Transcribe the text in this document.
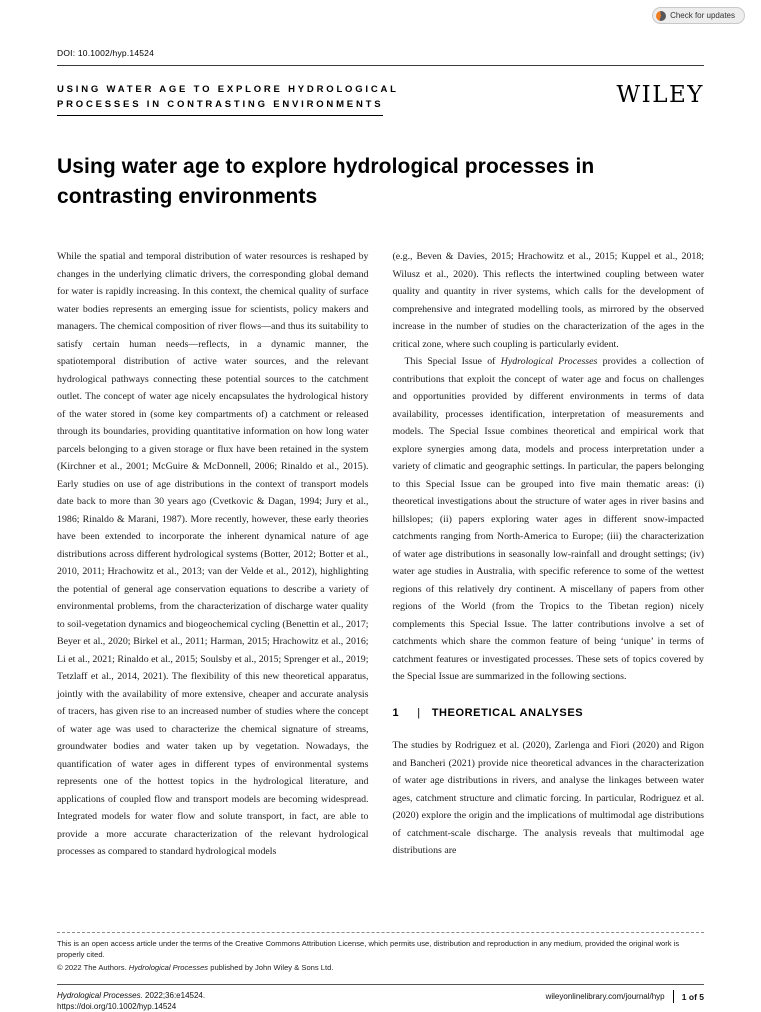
Check for updates
DOI: 10.1002/hyp.14524
USING WATER AGE TO EXPLORE HYDROLOGICAL
PROCESSES IN CONTRASTING ENVIRONMENTS	WILEY
Using water age to explore hydrological processes in contrasting environments

While the spatial and temporal distribution of water resources is reshaped by changes in the underlying climatic drivers, the corresponding global demand for water is rapidly increasing. In this context, the chemical quality of surface water bodies represents an emerging issue for scientists, policy makers and managers. The chemical composition of river flows—and thus its suitability to satisfy certain human needs—reflects, in a dynamic manner, the spatiotemporal distribution of active water sources, and the relevant hydrological pathways connecting these potential sources to the catchment outlet. The concept of water age nicely encapsulates the hydrological history of the water stored in (some key compartments of) a catchment or released through its boundaries, providing quantitative information on how long water parcels belonging to a given storage or flux have been retained in the system (Kirchner et al., 2001; McGuire & McDonnell, 2006; Rinaldo et al., 2015). Early studies on use of age distributions in the context of transport models date back to more than 30 years ago (Cvetkovic & Dagan, 1994; Jury et al., 1986; Rinaldo & Marani, 1987). More recently, however, these early theories have been extended to incorporate the inherent dynamical nature of age distributions across different hydrological systems (Botter, 2012; Botter et al., 2010, 2011; Hrachowitz et al., 2013; van der Velde et al., 2012), highlighting the potential of general age conservation equations to describe a variety of environmental problems, from the characterization of discharge water quality to soil-vegetation dynamics and biogeochemical cycling (Benettin et al., 2017; Beyer et al., 2020; Birkel et al., 2011; Harman, 2015; Hrachowitz et al., 2016; Li et al., 2021; Rinaldo et al., 2015; Soulsby et al., 2015; Sprenger et al., 2019; Tetzlaff et al., 2014, 2021). The flexibility of this new theoretical apparatus, jointly with the availability of more extensive, cheaper and accurate analysis of tracers, has given rise to an increased number of studies where the concept of water age was used to characterize the chemical signature of streams, groundwater bodies and water taken up by vegetation. Nowadays, the quantification of water ages in different types of environmental systems represents one of the hottest topics in the hydrological literature, and applications of coupled flow and transport models are becoming widespread. Integrated models for water flow and solute transport, in fact, are able to provide a more accurate characterization of the relevant hydrological processes as compared to standard hydrological models

(e.g., Beven & Davies, 2015; Hrachowitz et al., 2015; Kuppel et al., 2018; Wilusz et al., 2020). This reflects the intertwined coupling between water quality and quantity in river systems, which calls for the development of comprehensive and integrated modelling tools, as mirrored by the observed increase in the number of studies on the characterization of the ages in the critical zone, where such coupling is particularly evident.

This Special Issue of Hydrological Processes provides a collection of contributions that exploit the concept of water age and focus on challenges and opportunities provided by different environments in terms of data availability, processes identification, interpretation of measurements and models. The Special Issue combines theoretical and empirical work that explore synergies among data, models and process interpretation under a variety of climatic and geographic settings. In particular, the papers belonging to this Special Issue can be grouped into five main thematic areas: (i) theoretical investigations about the structure of water ages in river basins and hillslopes; (ii) papers exploring water ages in different snow-impacted catchments ranging from North-America to Europe; (iii) the characterization of water age distributions in seasonally low-rainfall and drought settings; (iv) water age studies in Australia, with specific reference to some of the wettest regions of this relatively dry continent. A miscellany of papers from other regions of the World (from the Tropics to the Tibetan region) nicely complements this Special Issue. The latter contributions involve a set of catchments which share the common feature of being ‘unique’ in terms of catchment features or investigated processes. These sets of topics covered by the Special Issue are summarized in the following sections.

1 | THEORETICAL ANALYSES

The studies by Rodriguez et al. (2020), Zarlenga and Fiori (2020) and Rigon and Bancheri (2021) provide nice theoretical advances in the characterization of water age distributions in rivers, and analyse the linkages between water ages, catchment structure and climatic forcing. In particular, Rodriguez et al. (2020) explore the origin and the implications of multimodal age distributions of catchment-scale discharge. The analysis reveals that multimodal age distributions are

This is an open access article under the terms of the Creative Commons Attribution License, which permits use, distribution and reproduction in any medium, provided the original work is properly cited.
© 2022 The Authors. Hydrological Processes published by John Wiley & Sons Ltd.
Hydrological Processes. 2022;36:e14524.
https://doi.org/10.1002/hyp.14524
wileyonlinelibrary.com/journal/hyp 1 of 5
